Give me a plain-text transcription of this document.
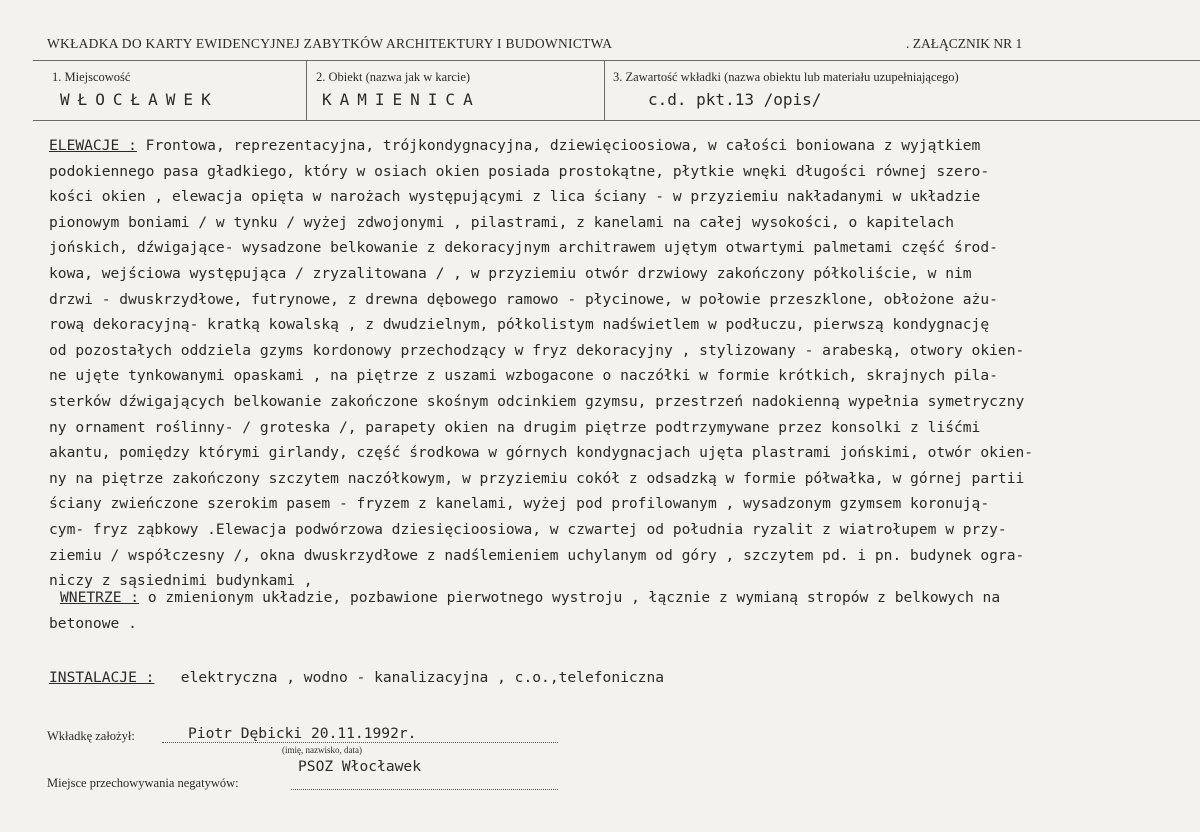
WKŁADKA DO KARTY EWIDENCYJNEJ ZABYTKÓW ARCHITEKTURY I BUDOWNICTWA	. ZAŁĄCZNIK NR 1
1. Miejscowość
WŁOCŁAWEK
2. Obiekt (nazwa jak w karcie)
KAMIENICA
3. Zawartość wkładki (nazwa obiektu lub materiału uzupełniającego)
c.d. pkt.13 /opis/
ELEWACJE : Frontowa, reprezentacyjna, trójkondygnacyjna, dziewięcioosiowa, w całości boniowana z wyjątkiem
podokiennego pasa gładkiego, który w osiach okien posiada prostokątne, płytkie wnęki długości równej szero-
kości okien , elewacja opięta w narożach występującymi z lica ściany - w przyziemiu nakładanymi w układzie
pionowym boniami / w tynku / wyżej zdwojonymi , pilastrami, z kanelami na całej wysokości, o kapitelach
jońskich, dźwigające- wysadzone belkowanie z dekoracyjnym architrawem ujętym otwartymi palmetami część środ-
kowa, wejściowa występująca / zryzalitowana / , w przyziemiu otwór drzwiowy zakończony półkoliście, w nim
drzwi - dwuskrzydłowe, futrynowe, z drewna dębowego ramowo - płycinowe, w połowie przeszklone, obłożone ażu-
rową dekoracyjną- kratką kowalską , z dwudzielnym, półkolistym nadświetlem w podłuczu, pierwszą kondygnację
od pozostałych oddziela gzyms kordonowy przechodzący w fryz dekoracyjny , stylizowany - arabeską, otwory okien-
ne ujęte tynkowanymi opaskami , na piętrze z uszami wzbogacone o naczółki w formie krótkich, skrajnych pila-
sterków dźwigających belkowanie zakończone skośnym odcinkiem gzymsu, przestrzeń nadokienną wypełnia symetryczny
ny ornament roślinny- / groteska /, parapety okien na drugim piętrze podtrzymywane przez konsolki z liśćmi
akantu, pomiędzy którymi girlandy, część środkowa w górnych kondygnacjach ujęta plastrami jońskimi, otwór okien-
ny na piętrze zakończony szczytem naczółkowym, w przyziemiu cokół z odsadzką w formie półwałka, w górnej partii
ściany zwieńczone szerokim pasem - fryzem z kanelami, wyżej pod profilowanym , wysadzonym gzymsem koronują-
cym- fryz ząbkowy .Elewacja podwórzowa dziesięcioosiowa, w czwartej od południa ryzalit z wiatrołupem w przy-
ziemiu / współczesny /, okna dwuskrzydłowe z nadślemieniem uchylanym od góry , szczytem pd. i pn. budynek ogra-
niczy z sąsiednimi budynkami ,
WNETRZE : o zmienionym układzie, pozbawione pierwotnego wystroju , łącznie z wymianą stropów z belkowych na
betonowe .
INSTALACJE :   elektryczna , wodno - kanalizacyjna , c.o.,telefoniczna
Wkładkę założył:	Piotr Dębicki 20.11.1992r.
(imię, nazwisko, data)
PSOZ Włocławek
Miejsce przechowywania negatywów:
